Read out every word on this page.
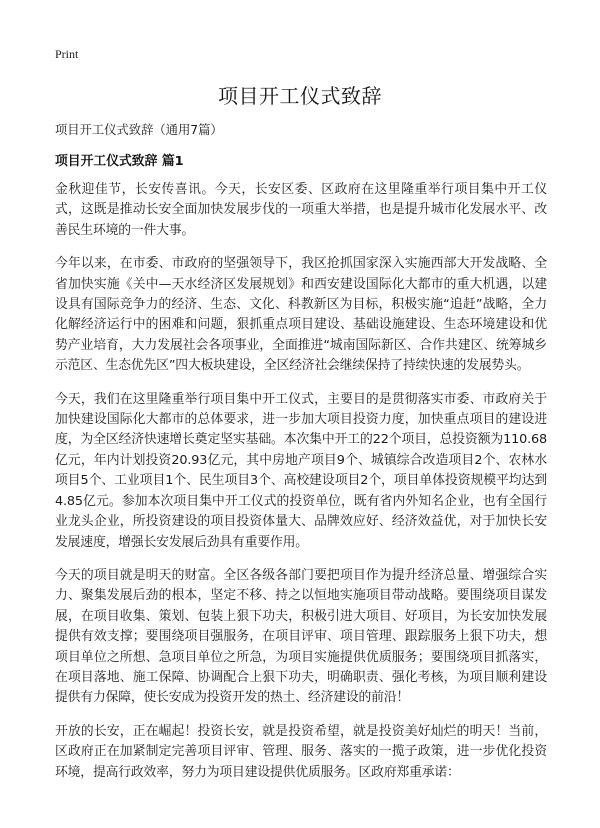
Print
项目开工仪式致辞

项目开工仪式致辞（通用7篇）

项目开工仪式致辞 篇1

金秋迎佳节，长安传喜讯。今天，长安区委、区政府在这里隆重举行项目集中开工仪式，这既是推动长安全面加快发展步伐的一项重大举措，也是提升城市化发展水平、改善民生环境的一件大事。

今年以来，在市委、市政府的坚强领导下，我区抢抓国家深入实施西部大开发战略、全省加快实施《关中—天水经济区发展规划》和西安建设国际化大都市的重大机遇，以建设具有国际竞争力的经济、生态、文化、科教新区为目标，积极实施“追赶”战略，全力化解经济运行中的困难和问题，狠抓重点项目建设、基础设施建设、生态环境建设和优势产业培育，大力发展社会各项事业，全面推进“城南国际新区、合作共建区、统筹城乡示范区、生态优先区”四大板块建设，全区经济社会继续保持了持续快速的发展势头。

今天，我们在这里隆重举行项目集中开工仪式，主要目的是贯彻落实市委、市政府关于加快建设国际化大都市的总体要求，进一步加大项目投资力度，加快重点项目的建设进度，为全区经济快速增长奠定坚实基础。本次集中开工的22个项目，总投资额为110.68亿元，年内计划投资20.93亿元，其中房地产项目9个、城镇综合改造项目2个、农林水项目5个、工业项目1个、民生项目3个、高校建设项目2个，项目单体投资规模平均达到4.85亿元。参加本次项目集中开工仪式的投资单位，既有省内外知名企业，也有全国行业龙头企业，所投资建设的项目投资体量大、品牌效应好、经济效益优，对于加快长安发展速度，增强长安发展后劲具有重要作用。

今天的项目就是明天的财富。全区各级各部门要把项目作为提升经济总量、增强综合实力、聚集发展后劲的根本，坚定不移、持之以恒地实施项目带动战略。要围绕项目谋发展，在项目收集、策划、包装上狠下功夫，积极引进大项目、好项目，为长安加快发展提供有效支撑；要围绕项目强服务，在项目评审、项目管理、跟踪服务上狠下功夫，想项目单位之所想、急项目单位之所急，为项目实施提供优质服务；要围绕项目抓落实，在项目落地、施工保障、协调配合上狠下功夫，明确职责、强化考核，为项目顺利建设提供有力保障，使长安成为投资开发的热土、经济建设的前沿！

开放的长安，正在崛起！投资长安，就是投资希望，就是投资美好灿烂的明天！当前，区政府正在加紧制定完善项目评审、管理、服务、落实的一揽子政策，进一步优化投资环境，提高行政效率，努力为项目建设提供优质服务。区政府郑重承诺：
